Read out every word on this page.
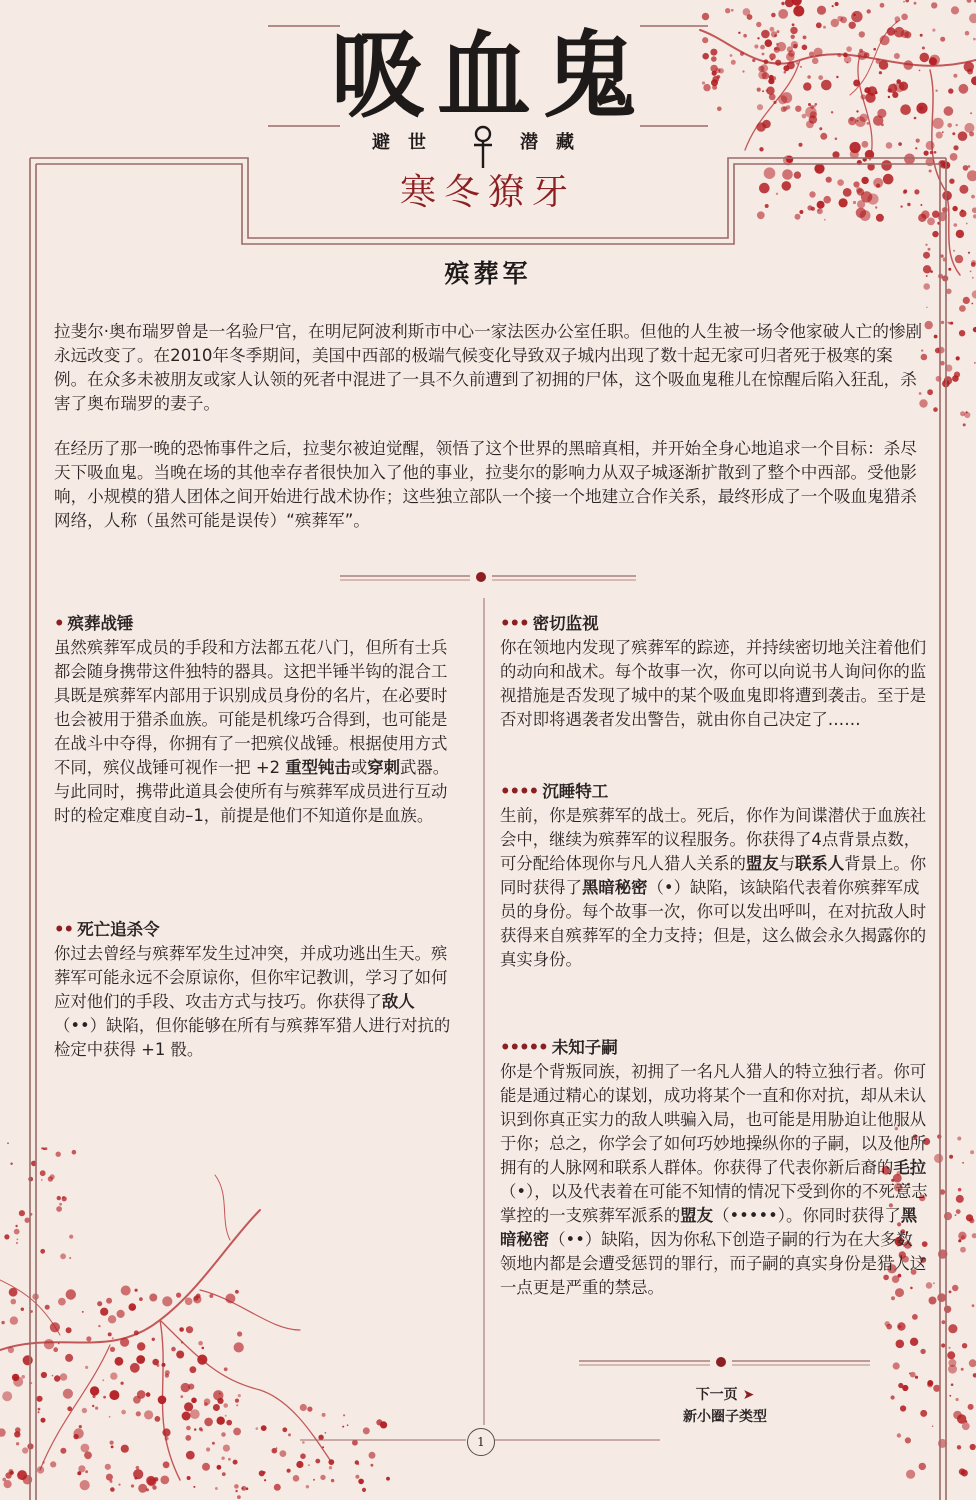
吸血鬼
避世	潜藏
寒冬獠牙
殡葬军

拉斐尔·奥布瑞罗曾是一名验尸官，在明尼阿波利斯市中心一家法医办公室任职。但他的人生被一场令他家破人亡的惨剧永远改变了。在2010年冬季期间，美国中西部的极端气候变化导致双子城内出现了数十起无家可归者死于极寒的案例。在众多未被朋友或家人认领的死者中混进了一具不久前遭到了初拥的尸体，这个吸血鬼稚儿在惊醒后陷入狂乱，杀害了奥布瑞罗的妻子。

在经历了那一晚的恐怖事件之后，拉斐尔被迫觉醒，领悟了这个世界的黑暗真相，并开始全身心地追求一个目标：杀尽天下吸血鬼。当晚在场的其他幸存者很快加入了他的事业，拉斐尔的影响力从双子城逐渐扩散到了整个中西部。受他影响，小规模的猎人团体之间开始进行战术协作；这些独立部队一个接一个地建立合作关系，最终形成了一个吸血鬼猎杀网络，人称（虽然可能是误传）“殡葬军”。

• 殡葬战锤

虽然殡葬军成员的手段和方法都五花八门，但所有士兵都会随身携带这件独特的器具。这把半锤半钩的混合工具既是殡葬军内部用于识别成员身份的名片，在必要时也会被用于猎杀血族。可能是机缘巧合得到，也可能是在战斗中夺得，你拥有了一把殡仪战锤。根据使用方式不同，殡仪战锤可视作一把 +2 重型钝击或穿刺武器。与此同时，携带此道具会使所有与殡葬军成员进行互动时的检定难度自动–1，前提是他们不知道你是血族。

•• 死亡追杀令

你过去曾经与殡葬军发生过冲突，并成功逃出生天。殡葬军可能永远不会原谅你，但你牢记教训，学习了如何应对他们的手段、攻击方式与技巧。你获得了敌人（••）缺陷，但你能够在所有与殡葬军猎人进行对抗的检定中获得 +1 骰。

••• 密切监视

你在领地内发现了殡葬军的踪迹，并持续密切地关注着他们的动向和战术。每个故事一次，你可以向说书人询问你的监视措施是否发现了城中的某个吸血鬼即将遭到袭击。至于是否对即将遇袭者发出警告，就由你自己决定了……

•••• 沉睡特工

生前，你是殡葬军的战士。死后，你作为间谍潜伏于血族社会中，继续为殡葬军的议程服务。你获得了4点背景点数，可分配给体现你与凡人猎人关系的盟友与联系人背景上。你同时获得了黑暗秘密（•）缺陷，该缺陷代表着你殡葬军成员的身份。每个故事一次，你可以发出呼叫，在对抗敌人时获得来自殡葬军的全力支持；但是，这么做会永久揭露你的真实身份。

••••• 未知子嗣

你是个背叛同族，初拥了一名凡人猎人的特立独行者。你可能是通过精心的谋划，成功将某个一直和你对抗，却从未认识到你真正实力的敌人哄骗入局，也可能是用胁迫让他服从于你；总之，你学会了如何巧妙地操纵你的子嗣，以及他所拥有的人脉网和联系人群体。你获得了代表你新后裔的毛拉（•），以及代表着在可能不知情的情况下受到你的不死意志掌控的一支殡葬军派系的盟友（•••••）。你同时获得了黑暗秘密（••）缺陷，因为你私下创造子嗣的行为在大多数领地内都是会遭受惩罚的罪行，而子嗣的真实身份是猎人这一点更是严重的禁忌。

下一页 ➤
新小圈子类型
1
